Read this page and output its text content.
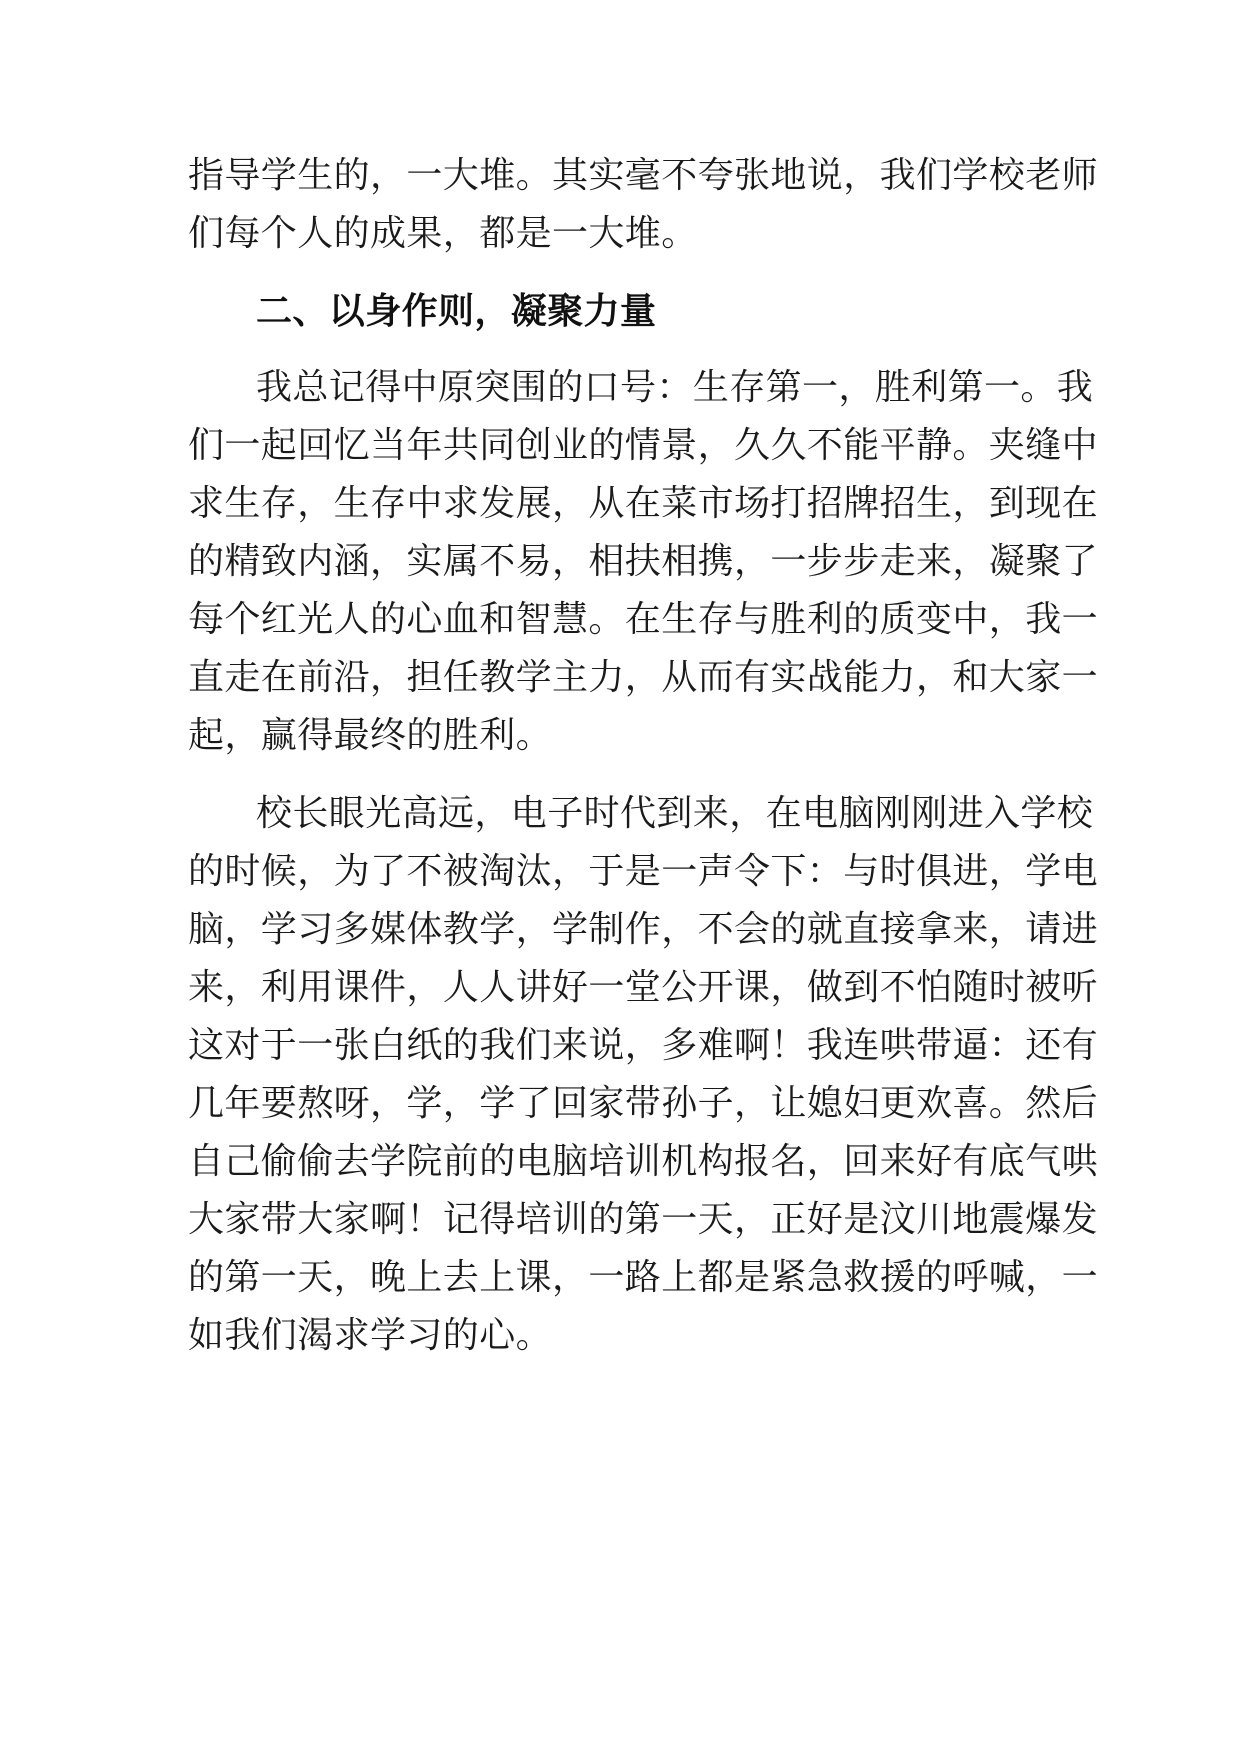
指导学生的，一大堆。其实毫不夸张地说，我们学校老师
们每个人的成果，都是一大堆。
二、以身作则，凝聚力量
我总记得中原突围的口号：生存第一，胜利第一。我
们一起回忆当年共同创业的情景，久久不能平静。夹缝中
求生存，生存中求发展，从在菜市场打招牌招生，到现在
的精致内涵，实属不易，相扶相携，一步步走来，凝聚了
每个红光人的心血和智慧。在生存与胜利的质变中，我一
直走在前沿，担任教学主力，从而有实战能力，和大家一
起，赢得最终的胜利。
校长眼光高远，电子时代到来，在电脑刚刚进入学校
的时候，为了不被淘汰，于是一声令下：与时俱进，学电
脑，学习多媒体教学，学制作，不会的就直接拿来，请进
来，利用课件，人人讲好一堂公开课，做到不怕随时被听
这对于一张白纸的我们来说，多难啊！我连哄带逼：还有
几年要熬呀，学，学了回家带孙子，让媳妇更欢喜。然后
自己偷偷去学院前的电脑培训机构报名，回来好有底气哄
大家带大家啊！记得培训的第一天，正好是汶川地震爆发
的第一天，晚上去上课，一路上都是紧急救援的呼喊，一
如我们渴求学习的心。
